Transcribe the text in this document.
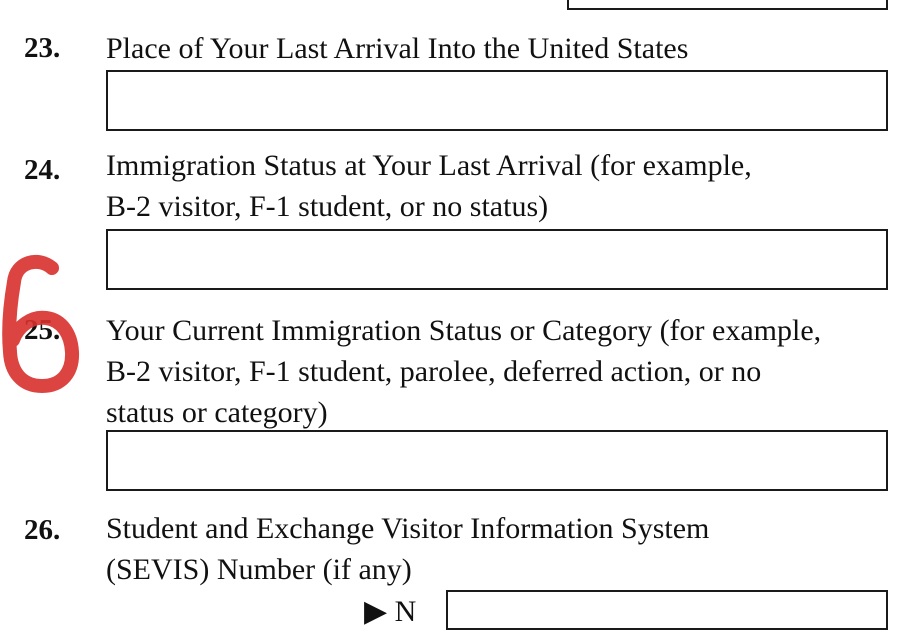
23. Place of Your Last Arrival Into the United States
24. Immigration Status at Your Last Arrival (for example,
B-2 visitor, F-1 student, or no status)
25. Your Current Immigration Status or Category (for example,
B-2 visitor, F-1 student, parolee, deferred action, or no
status or category)
26. Student and Exchange Visitor Information System
(SEVIS) Number (if any)
▶ N
